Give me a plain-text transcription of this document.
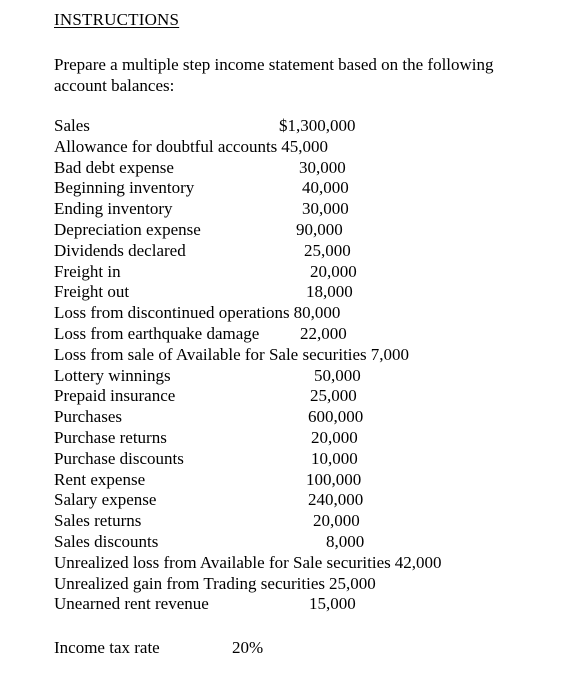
INSTRUCTIONS
Prepare a multiple step income statement based on the following account balances:
Sales	$1,300,000
Allowance for doubtful accounts 45,000
Bad debt expense	30,000
Beginning inventory	40,000
Ending inventory	30,000
Depreciation expense	90,000
Dividends declared	25,000
Freight in	20,000
Freight out	18,000
Loss from discontinued operations 80,000
Loss from earthquake damage 22,000
Loss from sale of Available for Sale securities 7,000
Lottery winnings	50,000
Prepaid insurance	25,000
Purchases	600,000
Purchase returns	20,000
Purchase discounts	10,000
Rent expense	100,000
Salary expense	240,000
Sales returns	20,000
Sales discounts	8,000
Unrealized loss from Available for Sale securities 42,000
Unrealized gain from Trading securities 25,000
Unearned rent revenue	15,000
Income tax rate	20%
